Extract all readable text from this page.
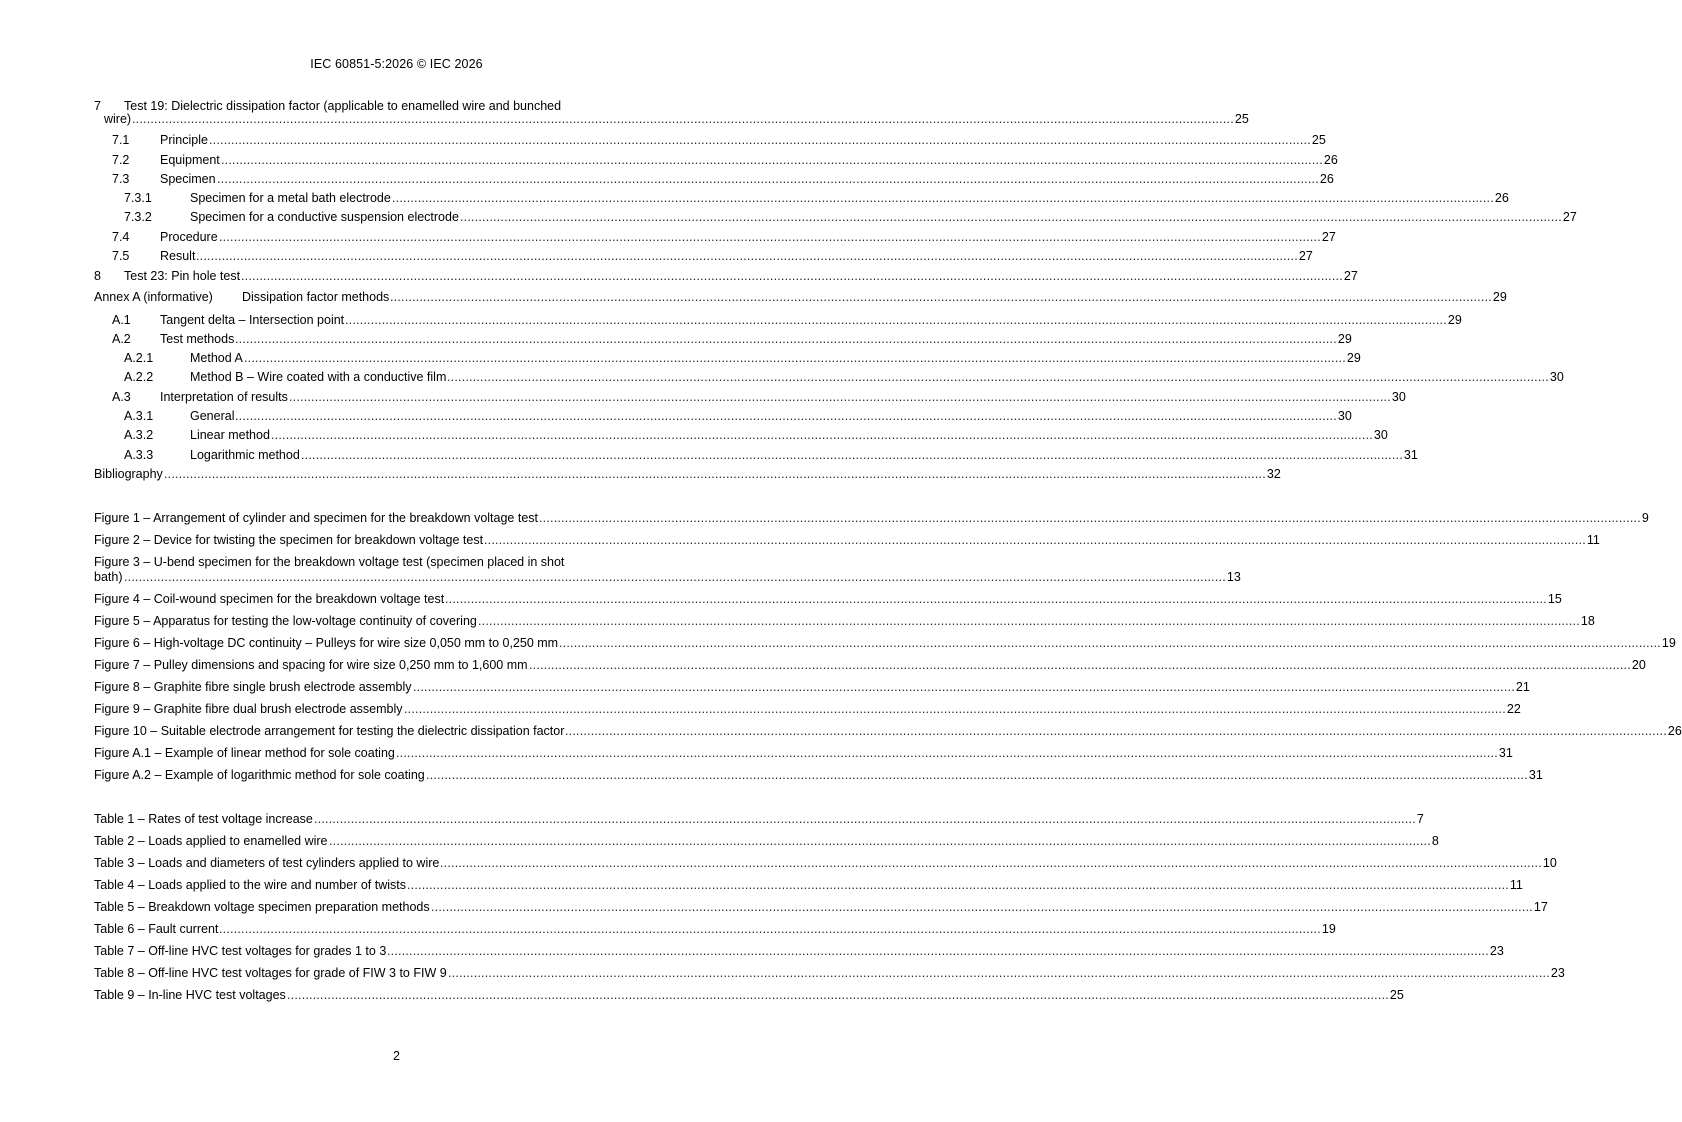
IEC 60851-5:2026 © IEC 2026
7 Test 19: Dielectric dissipation factor (applicable to enamelled wire and bunched
wire) ............................................................................................................................................................................................................................................................................................................ 25
7.1 Principle ............................................................................................................................................................................................................................................................................................................ 25
7.2 Equipment ............................................................................................................................................................................................................................................................................................................ 26
7.3 Specimen ............................................................................................................................................................................................................................................................................................................ 26
7.3.1	Specimen for a metal bath electrode ............................................................................................................................................................................................................................................................................................................ 26
7.3.2	Specimen for a conductive suspension electrode ............................................................................................................................................................................................................................................................................................................ 27
7.4 Procedure ............................................................................................................................................................................................................................................................................................................ 27
7.5 Result ............................................................................................................................................................................................................................................................................................................ 27
8 Test 23: Pin hole test ............................................................................................................................................................................................................................................................................................................ 27
Annex A (informative) Dissipation factor methods ............................................................................................................................................................................................................................................................................................................ 29
A.1 Tangent delta – Intersection point ............................................................................................................................................................................................................................................................................................................ 29
A.2 Test methods ............................................................................................................................................................................................................................................................................................................ 29
A.2.1	Method A ............................................................................................................................................................................................................................................................................................................ 29
A.2.2	Method B – Wire coated with a conductive film ............................................................................................................................................................................................................................................................................................................ 30
A.3 Interpretation of results ............................................................................................................................................................................................................................................................................................................ 30
A.3.1	General ............................................................................................................................................................................................................................................................................................................ 30
A.3.2	Linear method ............................................................................................................................................................................................................................................................................................................ 30
A.3.3	Logarithmic method ............................................................................................................................................................................................................................................................................................................ 31
Bibliography ............................................................................................................................................................................................................................................................................................................ 32
Figure 1 – Arrangement of cylinder and specimen for the breakdown voltage test ............................................................................................................................................................................................................................................................................................................ 9
Figure 2 – Device for twisting the specimen for breakdown voltage test ............................................................................................................................................................................................................................................................................................................ 11
Figure 3 – U-bend specimen for the breakdown voltage test (specimen placed in shot
bath) ............................................................................................................................................................................................................................................................................................................ 13
Figure 4 – Coil-wound specimen for the breakdown voltage test ............................................................................................................................................................................................................................................................................................................ 15
Figure 5 – Apparatus for testing the low-voltage continuity of covering ............................................................................................................................................................................................................................................................................................................ 18
Figure 6 – High-voltage DC continuity – Pulleys for wire size 0,050 mm to 0,250 mm ............................................................................................................................................................................................................................................................................................................ 19
Figure 7 – Pulley dimensions and spacing for wire size 0,250 mm to 1,600 mm ............................................................................................................................................................................................................................................................................................................ 20
Figure 8 – Graphite fibre single brush electrode assembly ............................................................................................................................................................................................................................................................................................................ 21
Figure 9 – Graphite fibre dual brush electrode assembly ............................................................................................................................................................................................................................................................................................................ 22
Figure 10 – Suitable electrode arrangement for testing the dielectric dissipation factor ............................................................................................................................................................................................................................................................................................................ 26
Figure A.1 – Example of linear method for sole coating ............................................................................................................................................................................................................................................................................................................ 31
Figure A.2 – Example of logarithmic method for sole coating ............................................................................................................................................................................................................................................................................................................ 31
Table 1 – Rates of test voltage increase ............................................................................................................................................................................................................................................................................................................ 7
Table 2 – Loads applied to enamelled wire ............................................................................................................................................................................................................................................................................................................ 8
Table 3 – Loads and diameters of test cylinders applied to wire ............................................................................................................................................................................................................................................................................................................ 10
Table 4 – Loads applied to the wire and number of twists ............................................................................................................................................................................................................................................................................................................ 11
Table 5 – Breakdown voltage specimen preparation methods ............................................................................................................................................................................................................................................................................................................ 17
Table 6 – Fault current ............................................................................................................................................................................................................................................................................................................ 19
Table 7 – Off-line HVC test voltages for grades 1 to 3 ............................................................................................................................................................................................................................................................................................................ 23
Table 8 – Off-line HVC test voltages for grade of FIW 3 to FIW 9 ............................................................................................................................................................................................................................................................................................................ 23
Table 9 – In-line HVC test voltages ............................................................................................................................................................................................................................................................................................................ 25
2
